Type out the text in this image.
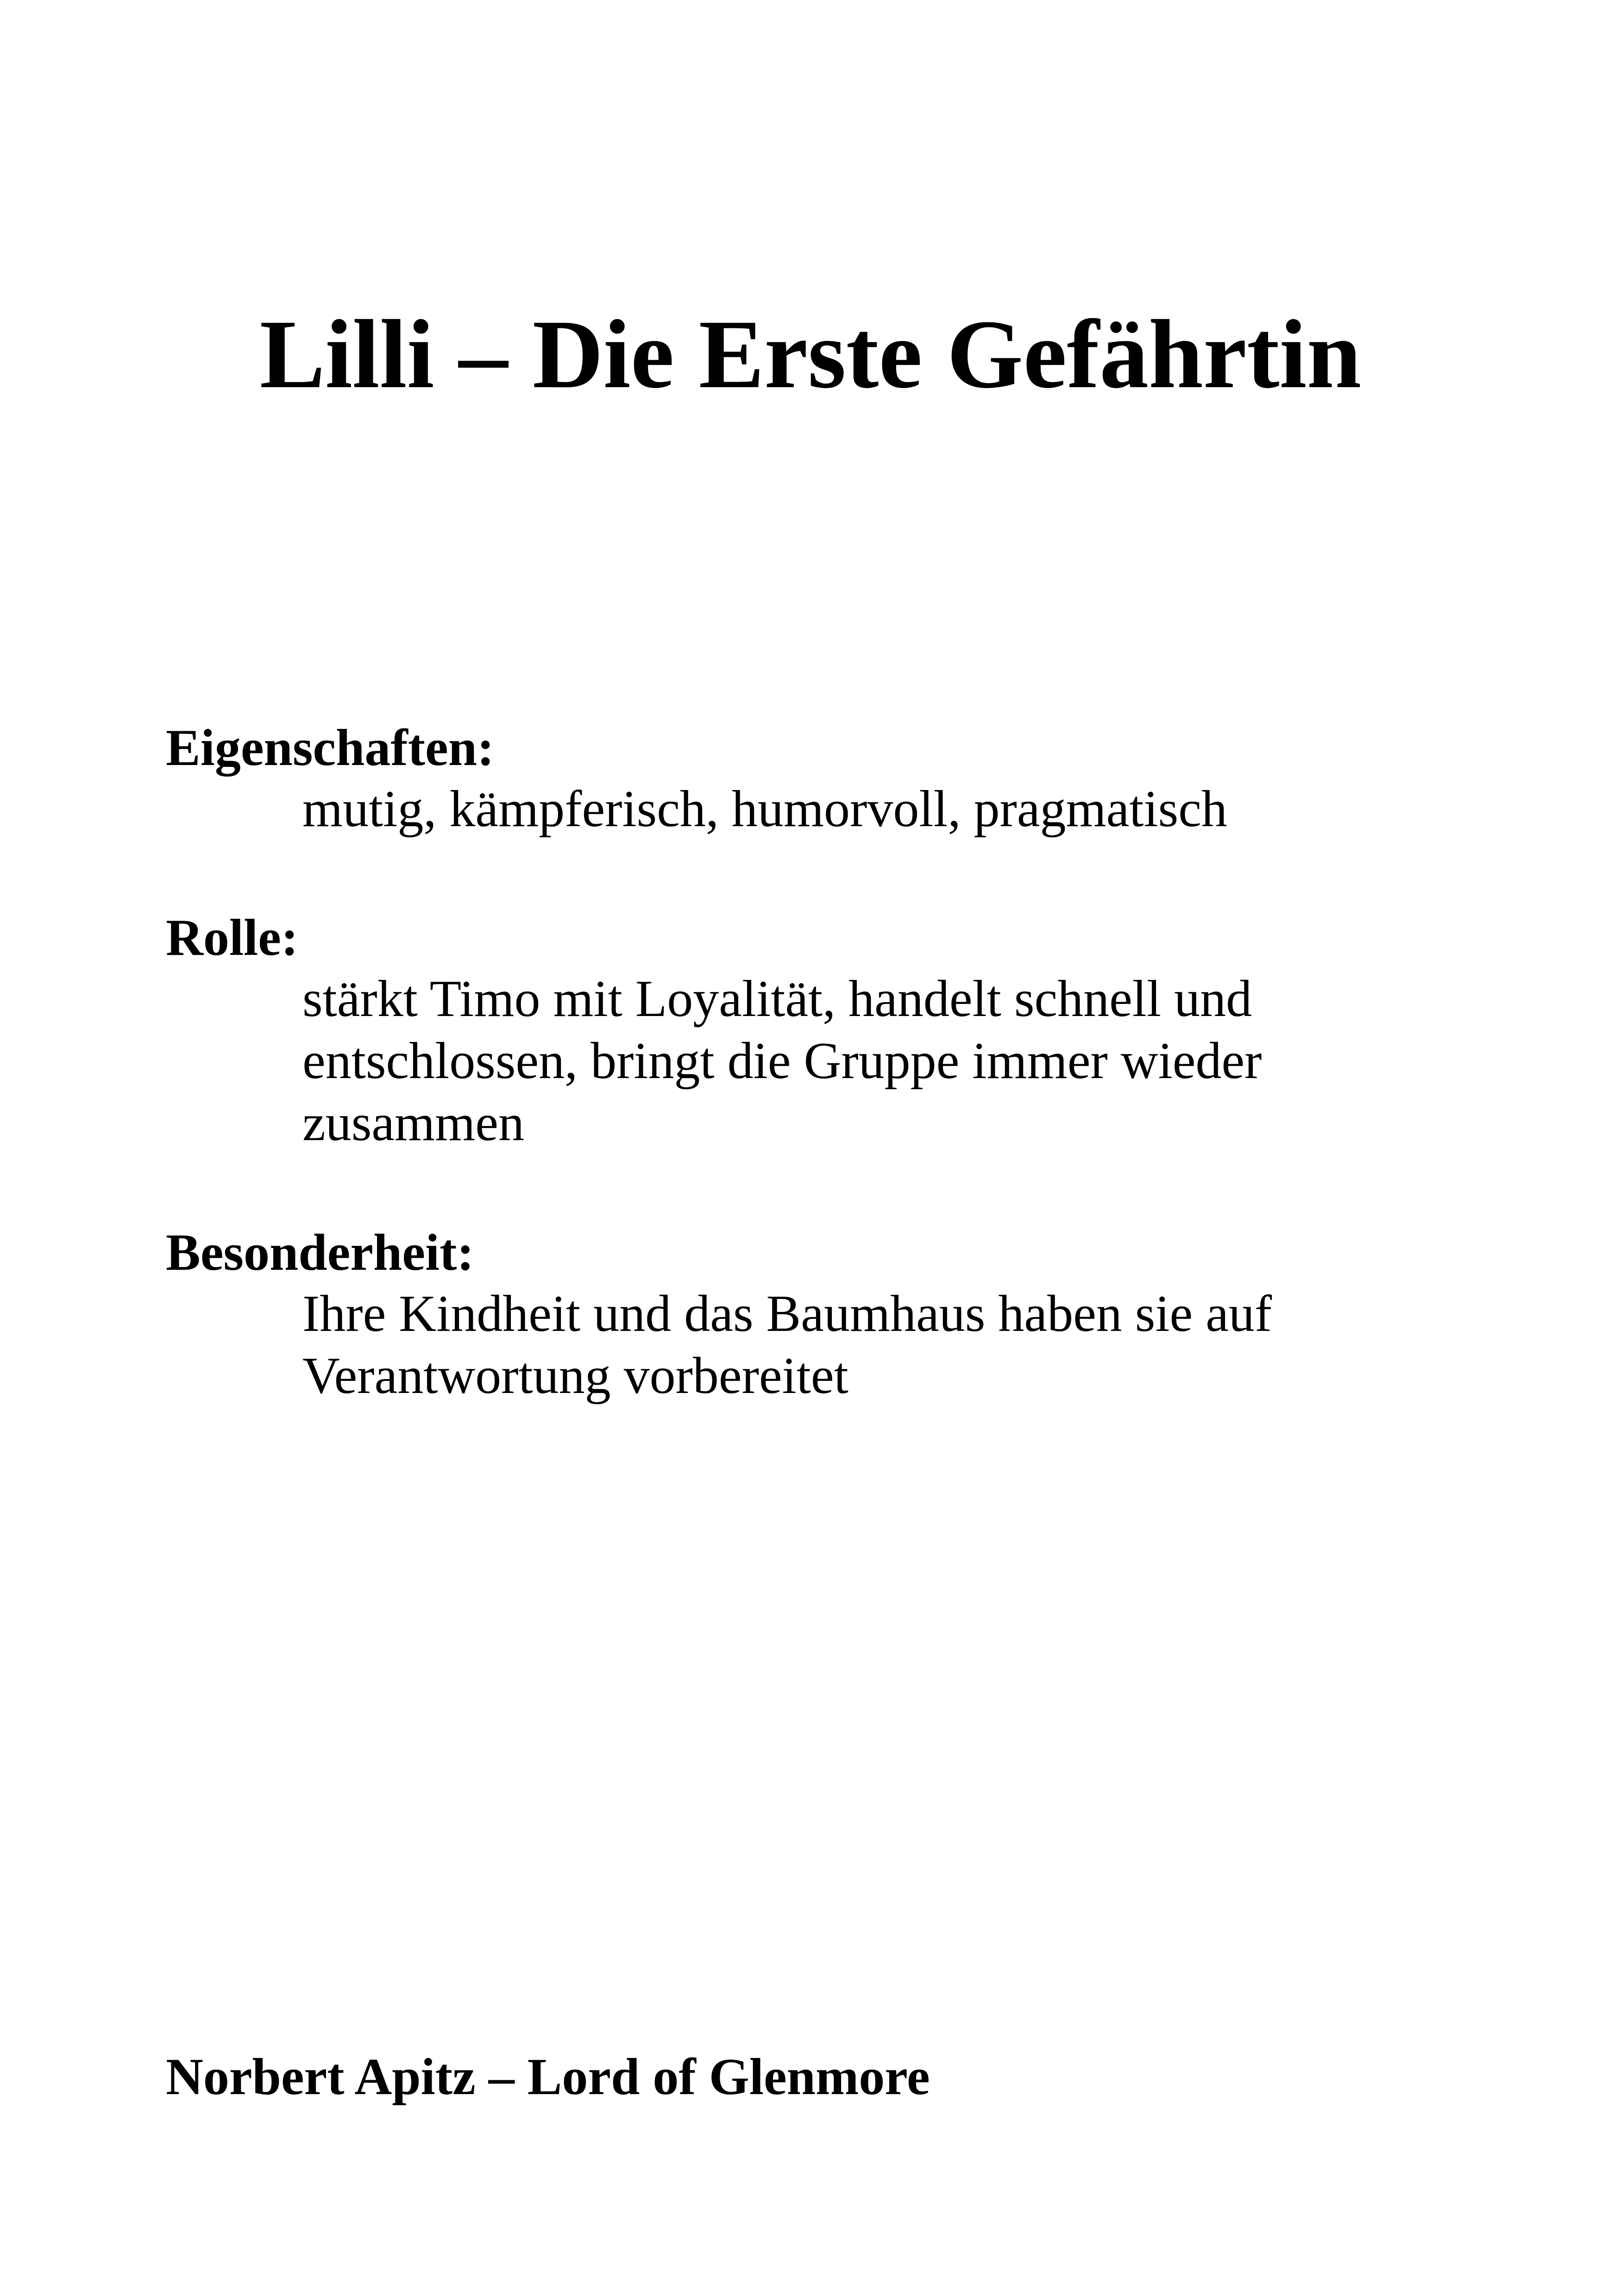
Lilli – Die Erste Gefährtin
Eigenschaften:
mutig, kämpferisch, humorvoll, pragmatisch
Rolle:
stärkt Timo mit Loyalität, handelt schnell und
entschlossen, bringt die Gruppe immer wieder
zusammen
Besonderheit:
Ihre Kindheit und das Baumhaus haben sie auf
Verantwortung vorbereitet
Norbert Apitz – Lord of Glenmore
